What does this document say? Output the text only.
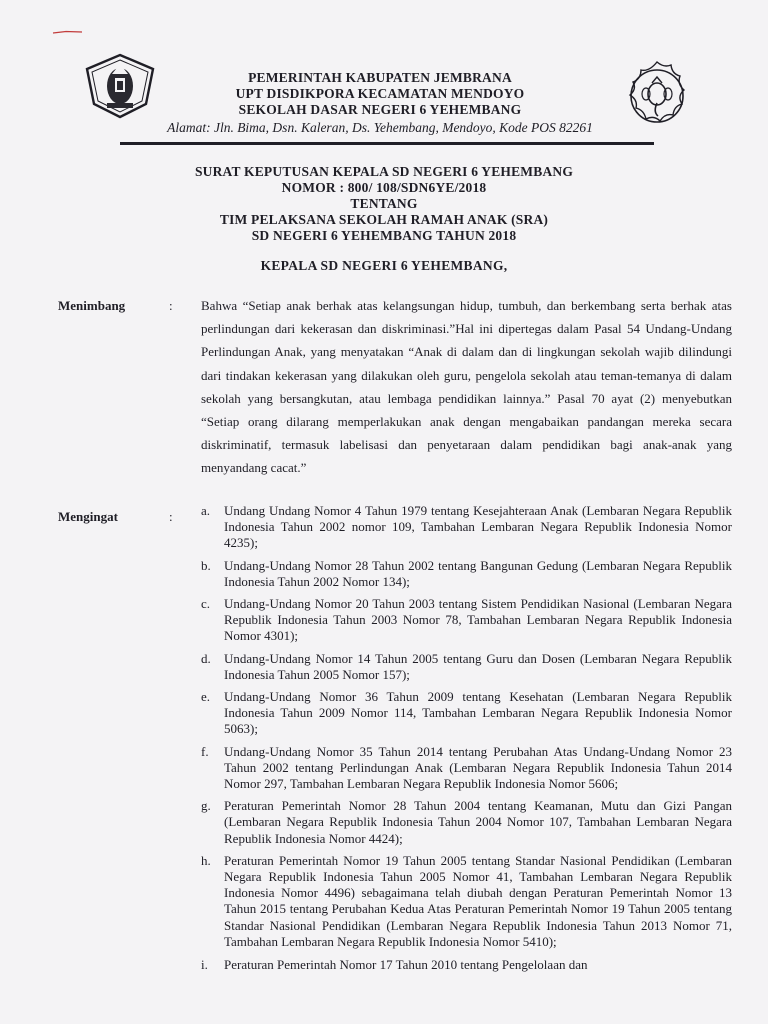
PEMERINTAH KABUPATEN JEMBRANA
UPT DISDIKPORA KECAMATAN MENDOYO
SEKOLAH DASAR NEGERI 6 YEHEMBANG
Alamat: Jln. Bima, Dsn. Kaleran, Ds. Yehembang, Mendoyo, Kode POS 82261
SURAT KEPUTUSAN KEPALA SD NEGERI 6 YEHEMBANG
NOMOR : 800/ 108/SDN6YE/2018
TENTANG
TIM PELAKSANA SEKOLAH RAMAH ANAK (SRA)
SD NEGERI 6 YEHEMBANG TAHUN 2018
KEPALA SD NEGERI 6 YEHEMBANG,
Menimbang	: Bahwa “Setiap anak berhak atas kelangsungan hidup, tumbuh, dan berkembang serta berhak atas perlindungan dari kekerasan dan diskriminasi.”Hal ini dipertegas dalam Pasal 54 Undang-Undang Perlindungan Anak, yang menyatakan “Anak di dalam dan di lingkungan sekolah wajib dilindungi dari tindakan kekerasan yang dilakukan oleh guru, pengelola sekolah atau teman-temanya di dalam sekolah yang bersangkutan, atau lembaga pendidikan lainnya.” Pasal 70 ayat (2) menyebutkan “Setiap orang dilarang memperlakukan anak dengan mengabaikan pandangan mereka secara diskriminatif, termasuk labelisasi dan penyetaraan dalam pendidikan bagi anak-anak yang menyandang cacat.”
Mengingat	: a. Undang Undang Nomor 4 Tahun 1979 tentang Kesejahteraan Anak (Lembaran Negara Republik Indonesia Tahun 2002 nomor 109, Tambahan Lembaran Negara Republik Indonesia Nomor 4235);
b. Undang-Undang Nomor 28 Tahun 2002 tentang Bangunan Gedung (Lembaran Negara Republik Indonesia Tahun 2002 Nomor 134);
c. Undang-Undang Nomor 20 Tahun 2003 tentang Sistem Pendidikan Nasional (Lembaran Negara Republik Indonesia Tahun 2003 Nomor 78, Tambahan Lembaran Negara Republik Indonesia Nomor 4301);
d. Undang-Undang Nomor 14 Tahun 2005 tentang Guru dan Dosen (Lembaran Negara Republik Indonesia Tahun 2005 Nomor 157);
e. Undang-Undang Nomor 36 Tahun 2009 tentang Kesehatan (Lembaran Negara Republik Indonesia Tahun 2009 Nomor 114, Tambahan Lembaran Negara Republik Indonesia Nomor 5063);
f. Undang-Undang Nomor 35 Tahun 2014 tentang Perubahan Atas Undang-Undang Nomor 23 Tahun 2002 tentang Perlindungan Anak (Lembaran Negara Republik Indonesia Tahun 2014 Nomor 297, Tambahan Lembaran Negara Republik Indonesia Nomor 5606;
g. Peraturan Pemerintah Nomor 28 Tahun 2004 tentang Keamanan, Mutu dan Gizi Pangan (Lembaran Negara Republik Indonesia Tahun 2004 Nomor 107, Tambahan Lembaran Negara Republik Indonesia Nomor 4424);
h. Peraturan Pemerintah Nomor 19 Tahun 2005 tentang Standar Nasional Pendidikan (Lembaran Negara Republik Indonesia Tahun 2005 Nomor 41, Tambahan Lembaran Negara Republik Indonesia Nomor 4496) sebagaimana telah diubah dengan Peraturan Pemerintah Nomor 13 Tahun 2015 tentang Perubahan Kedua Atas Peraturan Pemerintah Nomor 19 Tahun 2005 tentang Standar Nasional Pendidikan (Lembaran Negara Republik Indonesia Tahun 2013 Nomor 71, Tambahan Lembaran Negara Republik Indonesia Nomor 5410);
i. Peraturan Pemerintah Nomor 17 Tahun 2010 tentang Pengelolaan dan
